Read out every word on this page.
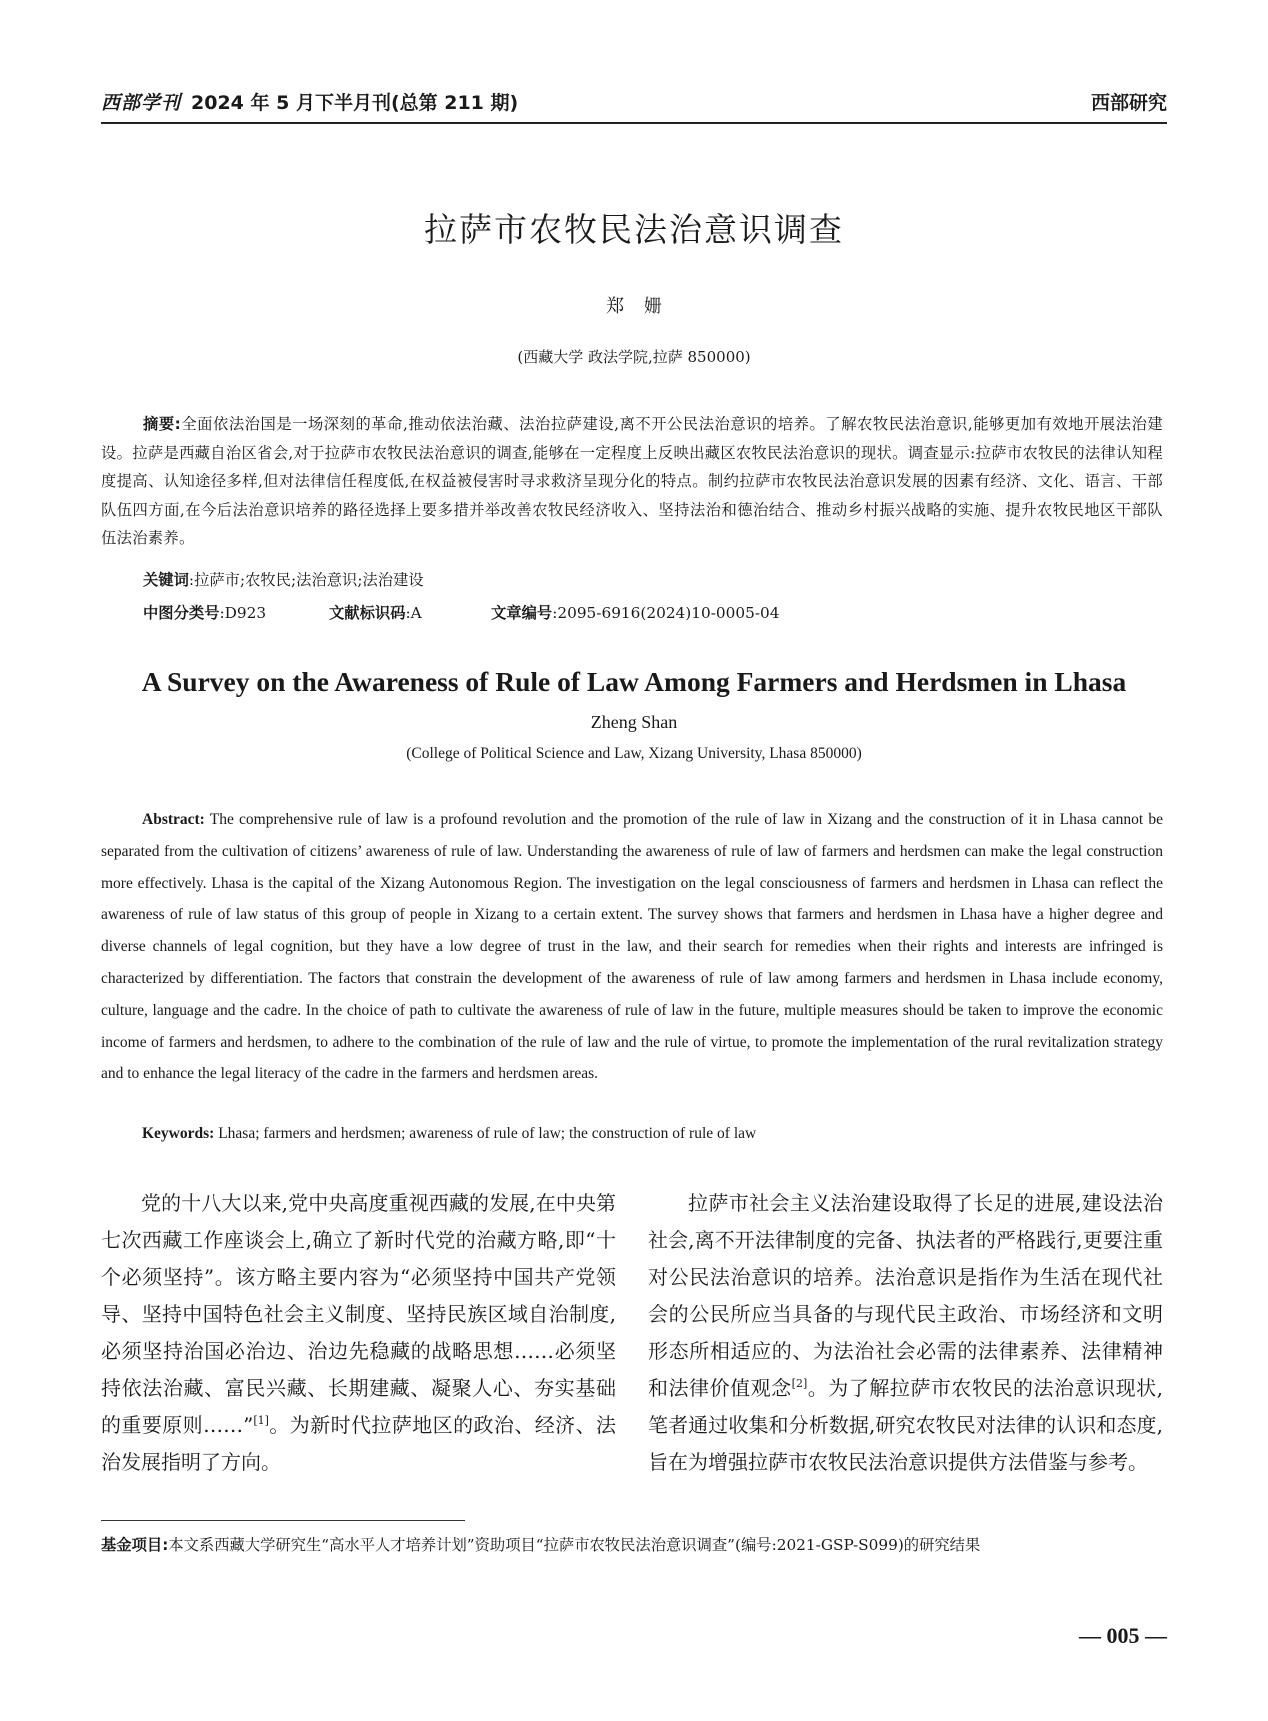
西部学刊 2024 年 5 月下半月刊(总第 211 期)	西部研究
拉萨市农牧民法治意识调查
郑 姗
(西藏大学 政法学院,拉萨 850000)
摘要:全面依法治国是一场深刻的革命,推动依法治藏、法治拉萨建设,离不开公民法治意识的培养。了解农牧民法治意识,能够更加有效地开展法治建设。拉萨是西藏自治区省会,对于拉萨市农牧民法治意识的调查,能够在一定程度上反映出藏区农牧民法治意识的现状。调查显示:拉萨市农牧民的法律认知程度提高、认知途径多样,但对法律信任程度低,在权益被侵害时寻求救济呈现分化的特点。制约拉萨市农牧民法治意识发展的因素有经济、文化、语言、干部队伍四方面,在今后法治意识培养的路径选择上要多措并举改善农牧民经济收入、坚持法治和德治结合、推动乡村振兴战略的实施、提升农牧民地区干部队伍法治素养。
关键词:拉萨市;农牧民;法治意识;法治建设
中图分类号:D923	文献标识码:A	文章编号:2095-6916(2024)10-0005-04
A Survey on the Awareness of Rule of Law Among Farmers and Herdsmen in Lhasa
Zheng Shan
(College of Political Science and Law, Xizang University, Lhasa 850000)
Abstract: The comprehensive rule of law is a profound revolution and the promotion of the rule of law in Xizang and the construction of it in Lhasa cannot be separated from the cultivation of citizens’ awareness of rule of law. Understanding the awareness of rule of law of farmers and herdsmen can make the legal construction more effectively. Lhasa is the capital of the Xizang Autonomous Region. The investigation on the legal consciousness of farmers and herdsmen in Lhasa can reflect the awareness of rule of law status of this group of people in Xizang to a certain extent. The survey shows that farmers and herdsmen in Lhasa have a higher degree and diverse channels of legal cognition, but they have a low degree of trust in the law, and their search for remedies when their rights and interests are infringed is characterized by differentiation. The factors that constrain the development of the awareness of rule of law among farmers and herdsmen in Lhasa include economy, culture, language and the cadre. In the choice of path to cultivate the awareness of rule of law in the future, multiple measures should be taken to improve the economic income of farmers and herdsmen, to adhere to the combination of the rule of law and the rule of virtue, to promote the implementation of the rural revitalization strategy and to enhance the legal literacy of the cadre in the farmers and herdsmen areas.
Keywords: Lhasa; farmers and herdsmen; awareness of rule of law; the construction of rule of law
党的十八大以来,党中央高度重视西藏的发展,在中央第七次西藏工作座谈会上,确立了新时代党的治藏方略,即“十个必须坚持”。该方略主要内容为“必须坚持中国共产党领导、坚持中国特色社会主义制度、坚持民族区域自治制度,必须坚持治国必治边、治边先稳藏的战略思想……必须坚持依法治藏、富民兴藏、长期建藏、凝聚人心、夯实基础的重要原则……”[1]。为新时代拉萨地区的政治、经济、法治发展指明了方向。
拉萨市社会主义法治建设取得了长足的进展,建设法治社会,离不开法律制度的完备、执法者的严格践行,更要注重对公民法治意识的培养。法治意识是指作为生活在现代社会的公民所应当具备的与现代民主政治、市场经济和文明形态所相适应的、为法治社会必需的法律素养、法律精神和法律价值观念[2]。为了解拉萨市农牧民的法治意识现状,笔者通过收集和分析数据,研究农牧民对法律的认识和态度,旨在为增强拉萨市农牧民法治意识提供方法借鉴与参考。
基金项目:本文系西藏大学研究生“高水平人才培养计划”资助项目“拉萨市农牧民法治意识调查”(编号:2021-GSP-S099)的研究结果
— 005 —
